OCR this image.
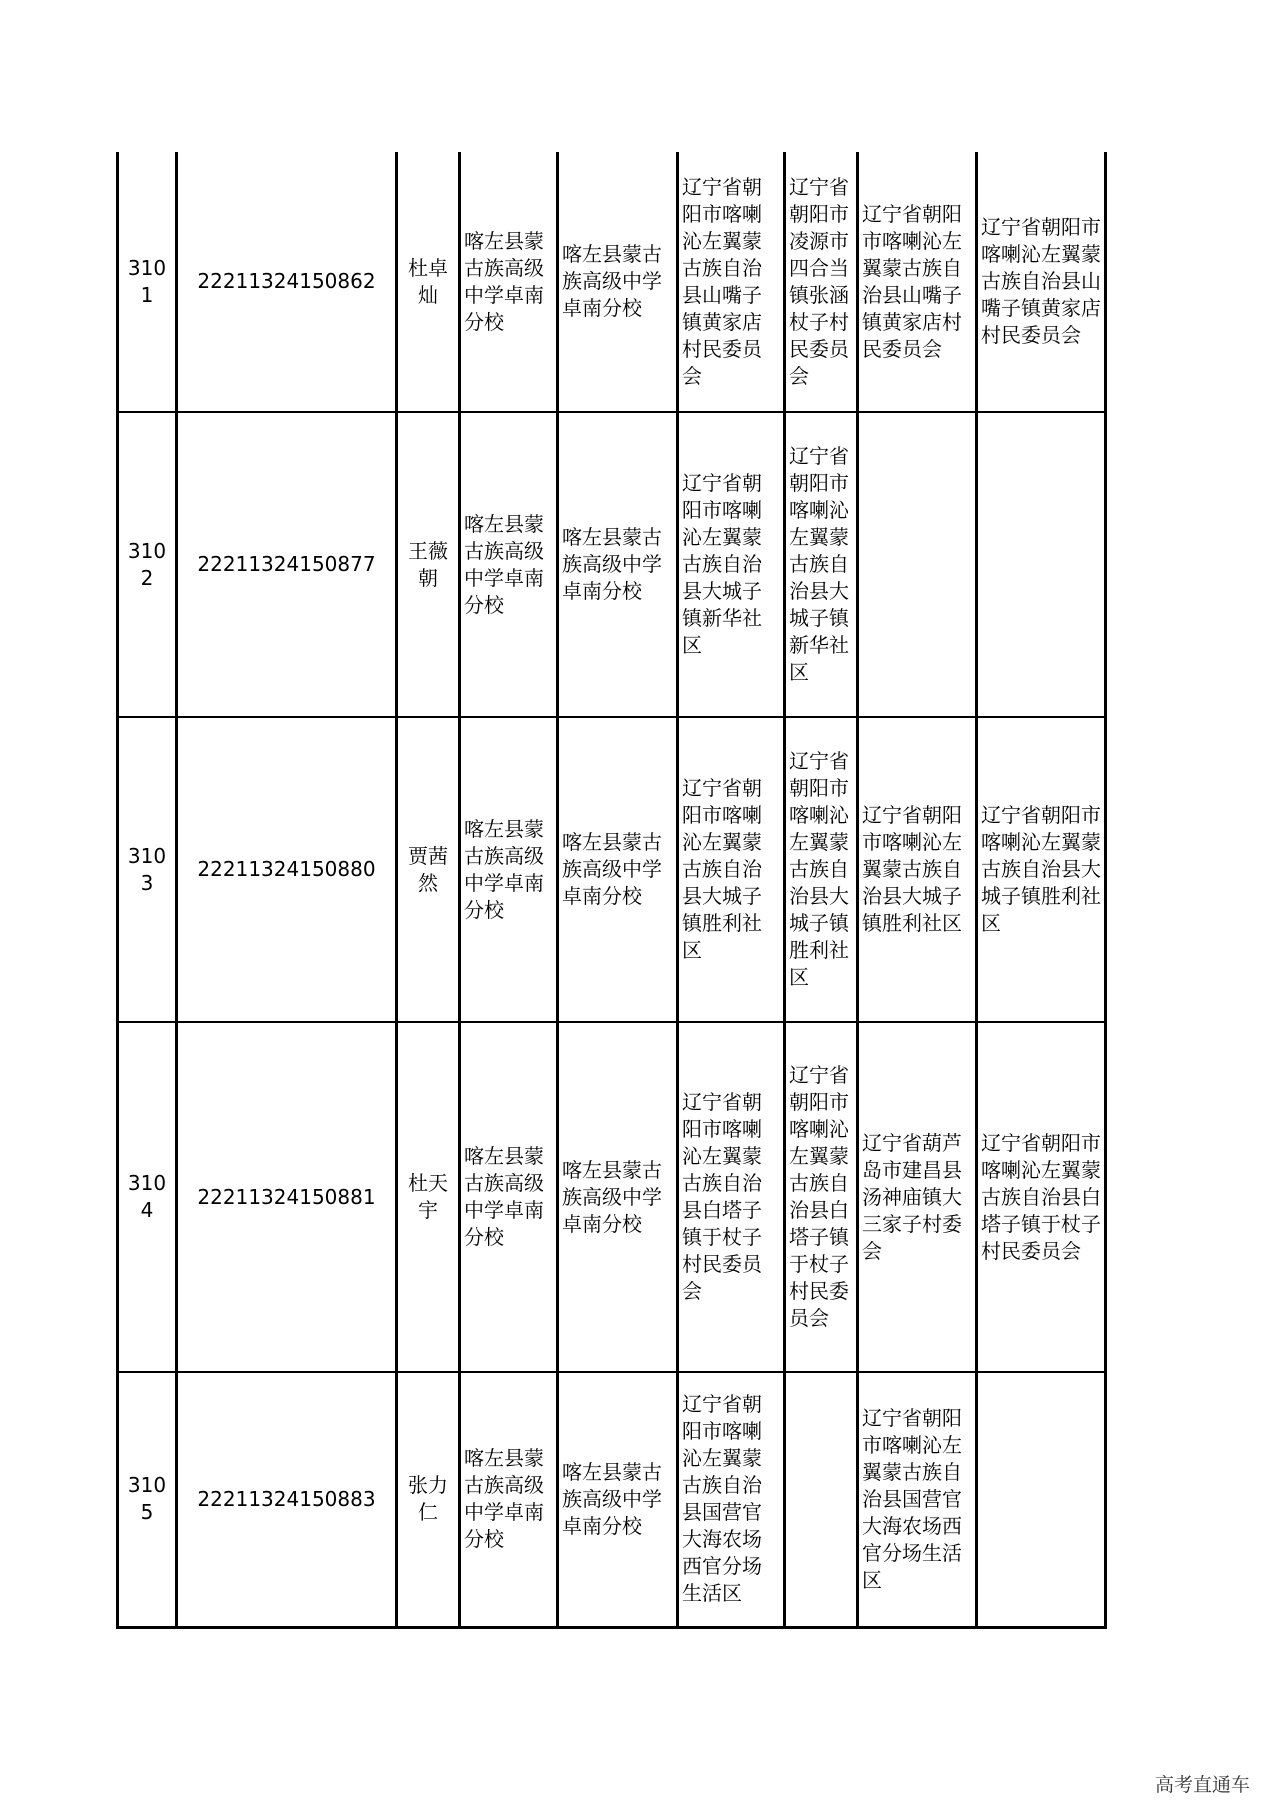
3101	22211324150862	杜卓灿	喀左县蒙古族高级中学卓南分校	喀左县蒙古族高级中学卓南分校	辽宁省朝阳市喀喇沁左翼蒙古族自治县山嘴子镇黄家店村民委员会	辽宁省朝阳市凌源市四合当镇张涵杖子村民委员会	辽宁省朝阳市喀喇沁左翼蒙古族自治县山嘴子镇黄家店村民委员会	辽宁省朝阳市喀喇沁左翼蒙古族自治县山嘴子镇黄家店村民委员会
3102	22211324150877	王薇朝	喀左县蒙古族高级中学卓南分校	喀左县蒙古族高级中学卓南分校	辽宁省朝阳市喀喇沁左翼蒙古族自治县大城子镇新华社区	辽宁省朝阳市喀喇沁左翼蒙古族自治县大城子镇新华社区		
3103	22211324150880	贾茜然	喀左县蒙古族高级中学卓南分校	喀左县蒙古族高级中学卓南分校	辽宁省朝阳市喀喇沁左翼蒙古族自治县大城子镇胜利社区	辽宁省朝阳市喀喇沁左翼蒙古族自治县大城子镇胜利社区	辽宁省朝阳市喀喇沁左翼蒙古族自治县大城子镇胜利社区	辽宁省朝阳市喀喇沁左翼蒙古族自治县大城子镇胜利社区
3104	22211324150881	杜天宇	喀左县蒙古族高级中学卓南分校	喀左县蒙古族高级中学卓南分校	辽宁省朝阳市喀喇沁左翼蒙古族自治县白塔子镇于杖子村民委员会	辽宁省朝阳市喀喇沁左翼蒙古族自治县白塔子镇于杖子村民委员会	辽宁省葫芦岛市建昌县汤神庙镇大三家子村委会	辽宁省朝阳市喀喇沁左翼蒙古族自治县白塔子镇于杖子村民委员会
3105	22211324150883	张力仁	喀左县蒙古族高级中学卓南分校	喀左县蒙古族高级中学卓南分校	辽宁省朝阳市喀喇沁左翼蒙古族自治县国营官大海农场西官分场生活区		辽宁省朝阳市喀喇沁左翼蒙古族自治县国营官大海农场西官分场生活区	
高考直通车
